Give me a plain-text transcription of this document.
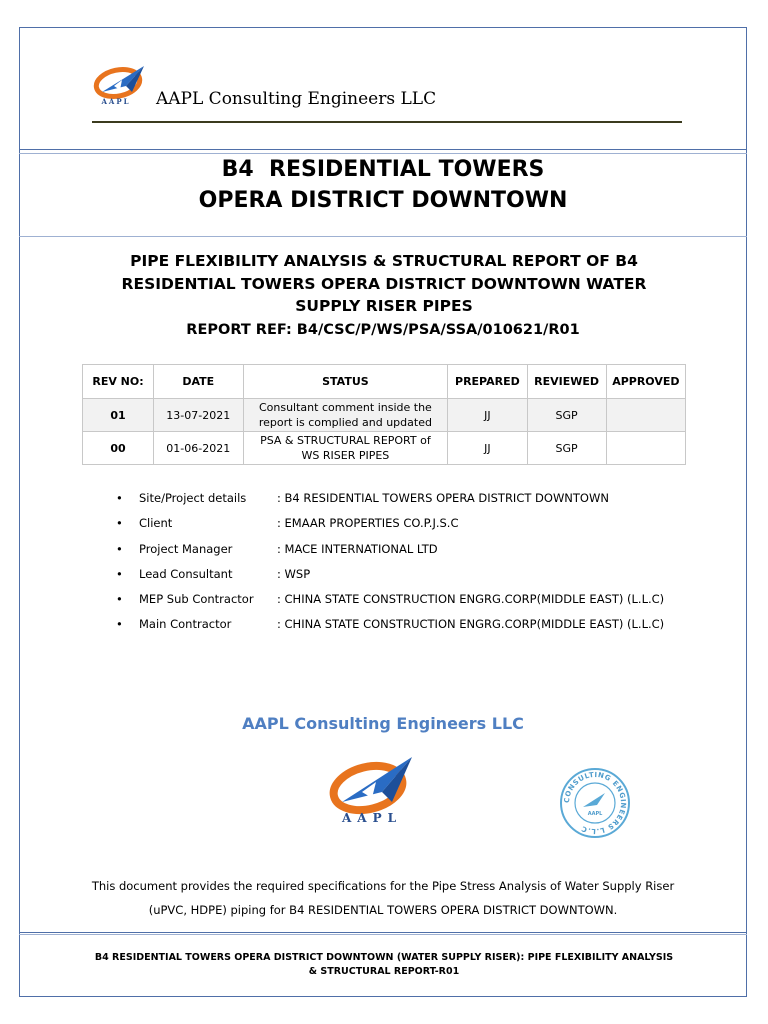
AAPL AAPL Consulting Engineers LLC
B4  RESIDENTIAL TOWERS
OPERA DISTRICT DOWNTOWN
PIPE FLEXIBILITY ANALYSIS & STRUCTURAL REPORT OF B4
RESIDENTIAL TOWERS OPERA DISTRICT DOWNTOWN WATER
SUPPLY RISER PIPES
REPORT REF: B4/CSC/P/WS/PSA/SSA/010621/R01
REV NO:	DATE	STATUS	PREPARED	REVIEWED	APPROVED
01	13-07-2021	Consultant comment inside the
report is complied and updated	JJ	SGP	
00	01-06-2021	PSA & STRUCTURAL REPORT of
WS RISER PIPES	JJ	SGP	
• Site/Project details	: B4 RESIDENTIAL TOWERS OPERA DISTRICT DOWNTOWN
• Client	: EMAAR PROPERTIES CO.P.J.S.C
• Project Manager	: MACE INTERNATIONAL LTD
• Lead Consultant	: WSP
• MEP Sub Contractor : CHINA STATE CONSTRUCTION ENGRG.CORP(MIDDLE EAST) (L.L.C)
• Main Contractor	: CHINA STATE CONSTRUCTION ENGRG.CORP(MIDDLE EAST) (L.L.C)
AAPL Consulting Engineers LLC
AAPL
CONSULTING ENGINEERS L.L.C
AAPL
This document provides the required specifications for the Pipe Stress Analysis of Water Supply Riser
(uPVC, HDPE) piping for B4 RESIDENTIAL TOWERS OPERA DISTRICT DOWNTOWN.
B4 RESIDENTIAL TOWERS OPERA DISTRICT DOWNTOWN (WATER SUPPLY RISER): PIPE FLEXIBILITY ANALYSIS
& STRUCTURAL REPORT-R01
